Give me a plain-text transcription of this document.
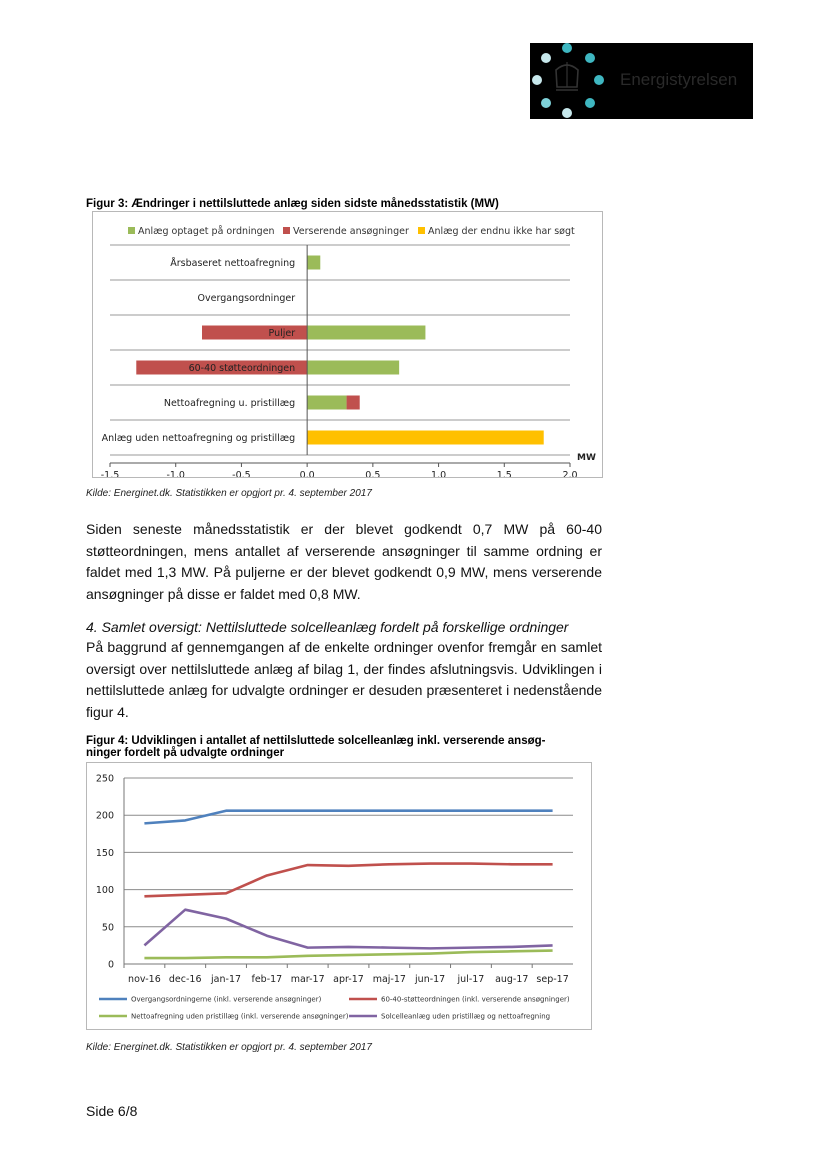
Energistyrelsen
Figur 3: Ændringer i nettilsluttede anlæg siden sidste månedsstatistik (MW)
Anlæg optaget på ordningen Verserende ansøgninger Anlæg der endnu ikke har søgt
Årsbaseret nettoafregning
Overgangsordninger
Puljer
60-40 støtteordningen
Nettoafregning u. pristillæg
Anlæg uden nettoafregning og pristillæg
-1,5	-1,0	-0,5	0,0	0,5	1,0	1,5	2,0
MW
Kilde: Energinet.dk. Statistikken er opgjort pr. 4. september 2017
Siden seneste månedsstatistik er der blevet godkendt 0,7 MW på 60-40
støtteordningen, mens antallet af verserende ansøgninger til samme ordning er
faldet med 1,3 MW. På puljerne er der blevet godkendt 0,9 MW, mens verserende
ansøgninger på disse er faldet med 0,8 MW.
4. Samlet oversigt: Nettilsluttede solcelleanlæg fordelt på forskellige ordninger
På baggrund af gennemgangen af de enkelte ordninger ovenfor fremgår en samlet
oversigt over nettilsluttede anlæg af bilag 1, der findes afslutningsvis. Udviklingen i
nettilsluttede anlæg for udvalgte ordninger er desuden præsenteret i nedenstående
figur 4.
Figur 4: Udviklingen i antallet af nettilsluttede solcelleanlæg inkl. verserende ansøg-
ninger fordelt på udvalgte ordninger
0
50
100
150
200
250
nov-16 dec-16 jan-17 feb-17 mar-17 apr-17 maj-17 jun-17 jul-17 aug-17 sep-17
Overgangsordningerne (inkl. verserende ansøgninger)	60-40-støtteordningen (inkl. verserende ansøgninger)
Nettoafregning uden pristillæg (inkl. verserende ansøgninger)	Solcelleanlæg uden pristillæg og nettoafregning
Kilde: Energinet.dk. Statistikken er opgjort pr. 4. september 2017
Side 6/8
